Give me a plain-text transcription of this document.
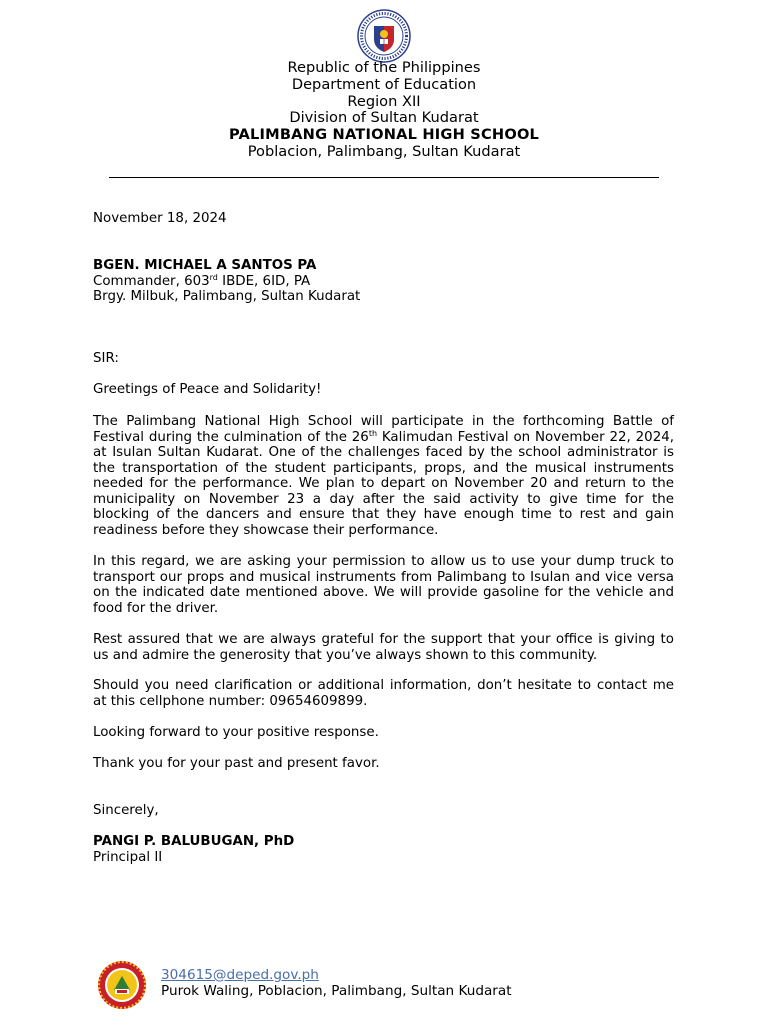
Republic of the Philippines
Department of Education
Region XII
Division of Sultan Kudarat
PALIMBANG NATIONAL HIGH SCHOOL
Poblacion, Palimbang, Sultan Kudarat
November 18, 2024
BGEN. MICHAEL A SANTOS PA
Commander, 603rd IBDE, 6ID, PA
Brgy. Milbuk, Palimbang, Sultan Kudarat
SIR:
Greetings of Peace and Solidarity!
The Palimbang National High School will participate in the forthcoming Battle of Festival during the culmination of the 26th Kalimudan Festival on November 22, 2024, at Isulan Sultan Kudarat. One of the challenges faced by the school administrator is the transportation of the student participants, props, and the musical instruments needed for the performance. We plan to depart on November 20 and return to the municipality on November 23 a day after the said activity to give time for the blocking of the dancers and ensure that they have enough time to rest and gain readiness before they showcase their performance.
In this regard, we are asking your permission to allow us to use your dump truck to transport our props and musical instruments from Palimbang to Isulan and vice versa on the indicated date mentioned above. We will provide gasoline for the vehicle and food for the driver.
Rest assured that we are always grateful for the support that your office is giving to us and admire the generosity that you’ve always shown to this community.
Should you need clarification or additional information, don’t hesitate to contact me at this cellphone number: 09654609899.
Looking forward to your positive response.
Thank you for your past and present favor.
Sincerely,
PANGI P. BALUBUGAN, PhD
Principal II
304615@deped.gov.ph
Purok Waling, Poblacion, Palimbang, Sultan Kudarat
